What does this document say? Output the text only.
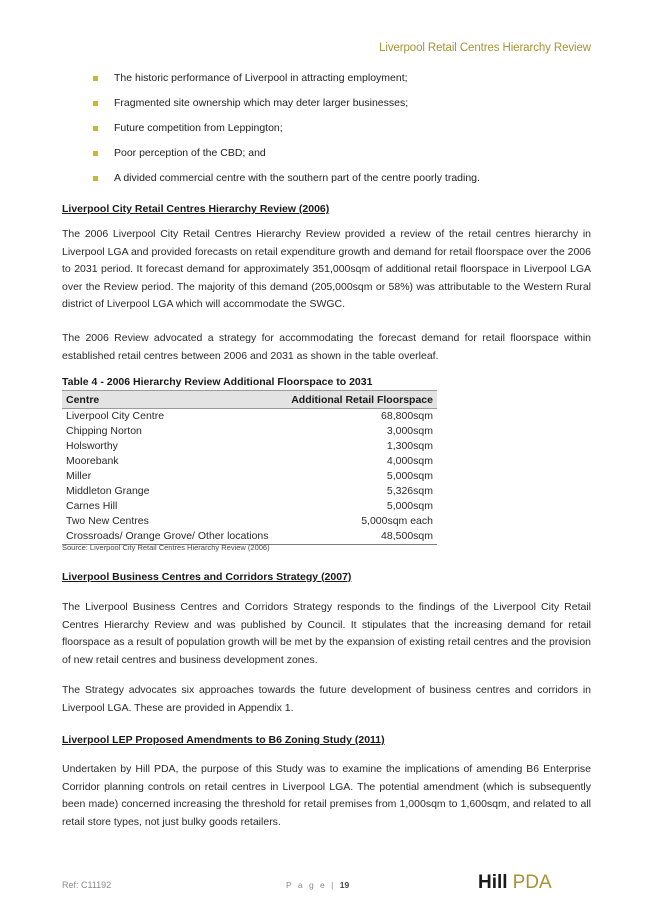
Liverpool Retail Centres Hierarchy Review
The historic performance of Liverpool in attracting employment;
Fragmented site ownership which may deter larger businesses;
Future competition from Leppington;
Poor perception of the CBD; and
A divided commercial centre with the southern part of the centre poorly trading.
Liverpool City Retail Centres Hierarchy Review (2006)

The 2006 Liverpool City Retail Centres Hierarchy Review provided a review of the retail centres hierarchy in Liverpool LGA and provided forecasts on retail expenditure growth and demand for retail floorspace over the 2006 to 2031 period. It forecast demand for approximately 351,000sqm of additional retail floorspace in Liverpool LGA over the Review period. The majority of this demand (205,000sqm or 58%) was attributable to the Western Rural district of Liverpool LGA which will accommodate the SWGC.

The 2006 Review advocated a strategy for accommodating the forecast demand for retail floorspace within established retail centres between 2006 and 2031 as shown in the table overleaf.

Table 4 - 2006 Hierarchy Review Additional Floorspace to 2031
Centre	Additional Retail Floorspace
Liverpool City Centre	68,800sqm
Chipping Norton	3,000sqm
Holsworthy	1,300sqm
Moorebank	4,000sqm
Miller	5,000sqm
Middleton Grange	5,326sqm
Carnes Hill	5,000sqm
Two New Centres	5,000sqm each
Crossroads/ Orange Grove/ Other locations	48,500sqm
Source: Liverpool City Retail Centres Hierarchy Review (2006)
Liverpool Business Centres and Corridors Strategy (2007)

The Liverpool Business Centres and Corridors Strategy responds to the findings of the Liverpool City Retail Centres Hierarchy Review and was published by Council. It stipulates that the increasing demand for retail floorspace as a result of population growth will be met by the expansion of existing retail centres and the provision of new retail centres and business development zones.

The Strategy advocates six approaches towards the future development of business centres and corridors in Liverpool LGA. These are provided in Appendix 1.

Liverpool LEP Proposed Amendments to B6 Zoning Study (2011)

Undertaken by Hill PDA, the purpose of this Study was to examine the implications of amending B6 Enterprise Corridor planning controls on retail centres in Liverpool LGA. The potential amendment (which is subsequently been made) concerned increasing the threshold for retail premises from 1,000sqm to 1,600sqm, and related to all retail store types, not just bulky goods retailers.

Ref: C11192	P a g e | 19	Hill PDA
